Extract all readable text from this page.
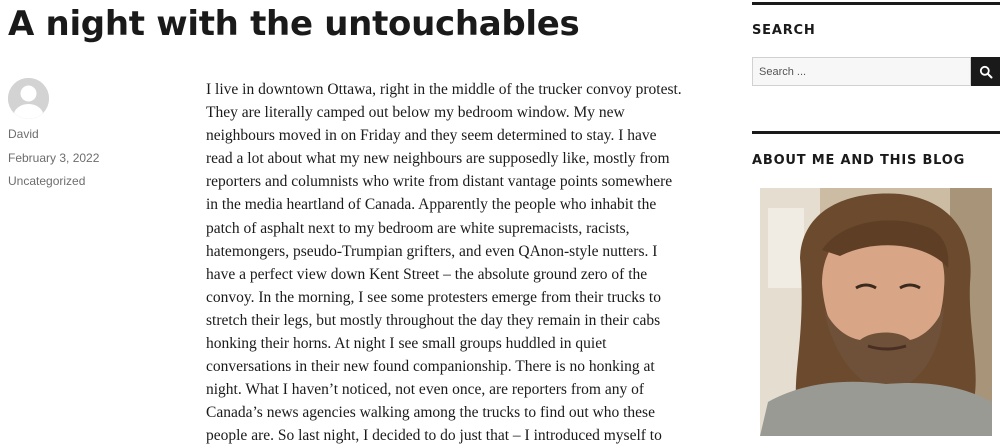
A night with the untouchables
David
February 3, 2022
Uncategorized
I live in downtown Ottawa, right in the middle of the trucker convoy protest.
They are literally camped out below my bedroom window. My new
neighbours moved in on Friday and they seem determined to stay. I have
read a lot about what my new neighbours are supposedly like, mostly from
reporters and columnists who write from distant vantage points somewhere
in the media heartland of Canada. Apparently the people who inhabit the
patch of asphalt next to my bedroom are white supremacists, racists,
hatemongers, pseudo-Trumpian grifters, and even QAnon-style nutters. I
have a perfect view down Kent Street – the absolute ground zero of the
convoy. In the morning, I see some protesters emerge from their trucks to
stretch their legs, but mostly throughout the day they remain in their cabs
honking their horns. At night I see small groups huddled in quiet
conversations in their new found companionship. There is no honking at
night. What I haven’t noticed, not even once, are reporters from any of
Canada’s news agencies walking among the trucks to find out who these
people are. So last night, I decided to do just that – I introduced myself to
SEARCH
Search ...
ABOUT ME AND THIS BLOG
